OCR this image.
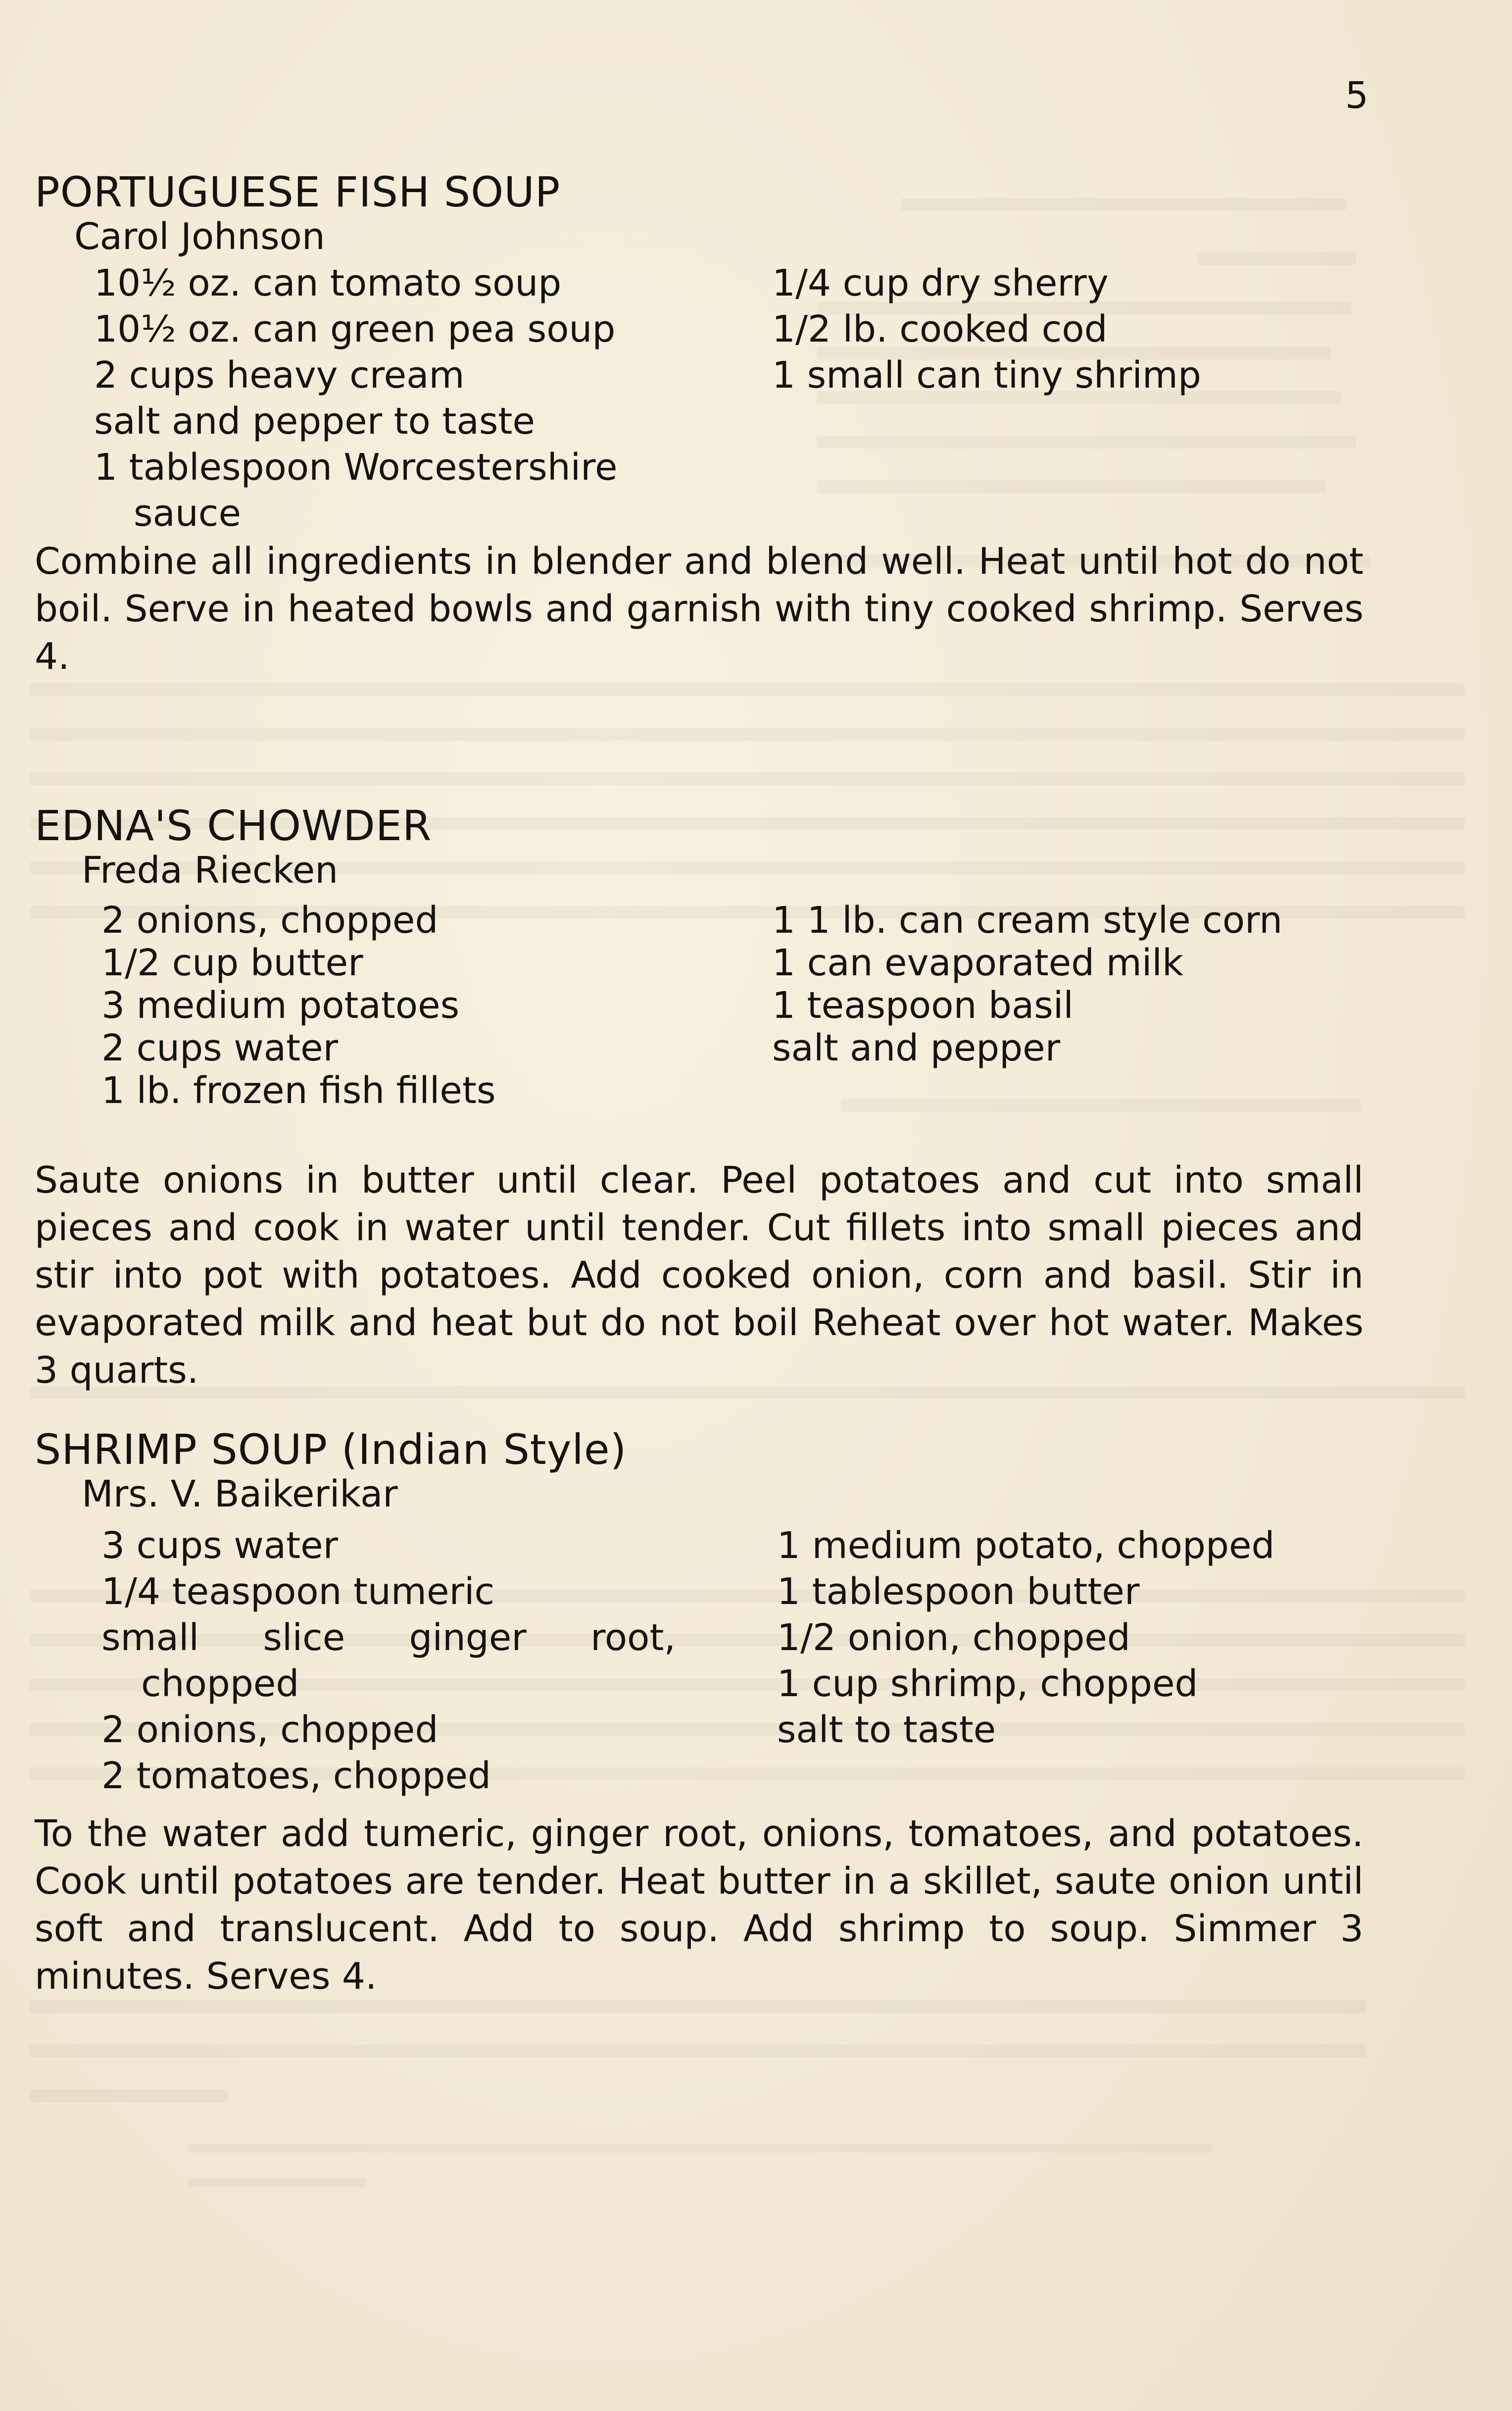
5
PORTUGUESE FISH SOUP
Carol Johnson
10½ oz. can tomato soup
10½ oz. can green pea soup
2 cups heavy cream
salt and pepper to taste
1 tablespoon Worcestershire sauce
1/4 cup dry sherry
1/2 lb. cooked cod
1 small can tiny shrimp
Combine all ingredients in blender and blend well. Heat until hot do not boil. Serve in heated bowls and garnish with tiny cooked shrimp. Serves 4.
EDNA'S CHOWDER
Freda Riecken
2 onions, chopped
1/2 cup butter
3 medium potatoes
2 cups water
1 lb. frozen fish fillets
1 1 lb. can cream style corn
1 can evaporated milk
1 teaspoon basil
salt and pepper
Saute onions in butter until clear. Peel potatoes and cut into small pieces and cook in water until tender. Cut fillets into small pieces and stir into pot with potatoes. Add cooked onion, corn and basil. Stir in evaporated milk and heat but do not boil Reheat over hot water. Makes 3 quarts.
SHRIMP SOUP (Indian Style)
Mrs. V. Baikerikar
3 cups water
1/4 teaspoon tumeric
small slice ginger root, chopped
2 onions, chopped
2 tomatoes, chopped
1 medium potato, chopped
1 tablespoon butter
1/2 onion, chopped
1 cup shrimp, chopped
salt to taste
To the water add tumeric, ginger root, onions, tomatoes, and potatoes. Cook until potatoes are tender. Heat butter in a skillet, saute onion until soft and translucent. Add to soup. Add shrimp to soup. Simmer 3 minutes. Serves 4.
